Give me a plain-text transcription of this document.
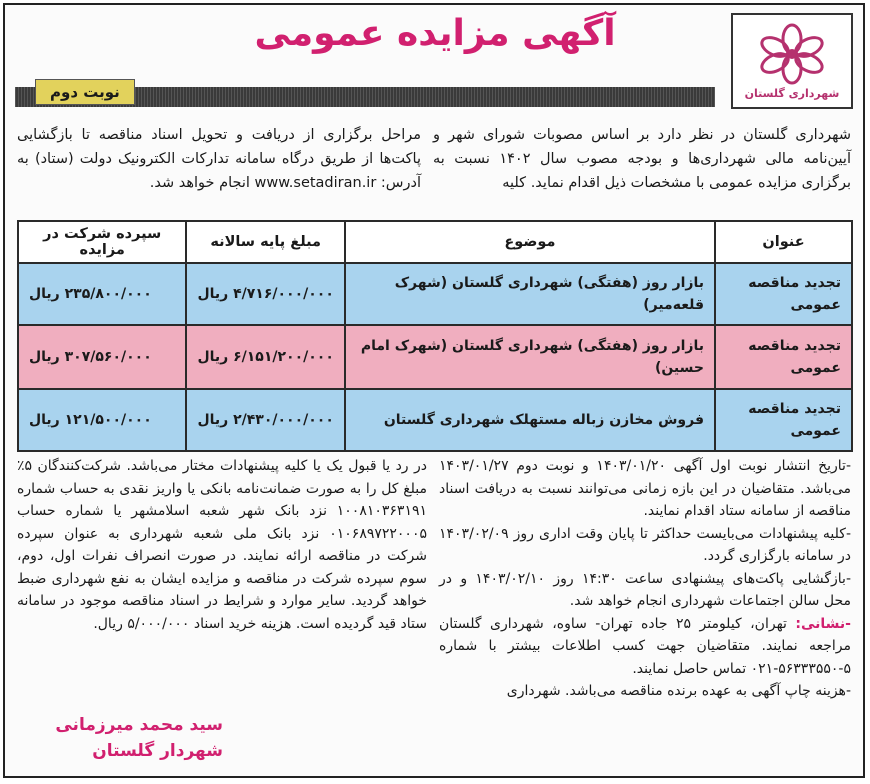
شهرداری گلستان
آگهی مزایده عمومی
نوبت دوم
شهرداری گلستان در نظر دارد بر اساس مصوبات شورای شهر و آیین‌نامه مالی شهرداری‌ها و بودجه مصوب سال ۱۴۰۲ نسبت به برگزاری مزایده عمومی با مشخصات ذیل اقدام نماید. کلیه
مراحل برگزاری از دریافت و تحویل اسناد مناقصه تا بازگشایی پاکت‌ها از طریق درگاه سامانه تدارکات الکترونیک دولت (ستاد) به آدرس: www.setadiran.ir انجام خواهد شد.
عنوان	موضوع	مبلغ پایه سالانه	سپرده شرکت در مزایده
تجدید مناقصه عمومی	بازار روز (هفتگی) شهرداری گلستان (شهرک قلعه‌میر)	۴/۷۱۶/۰۰۰/۰۰۰ ریال	۲۳۵/۸۰۰/۰۰۰ ریال
تجدید مناقصه عمومی	بازار روز (هفتگی) شهرداری گلستان (شهرک امام حسین)	۶/۱۵۱/۲۰۰/۰۰۰ ریال	۳۰۷/۵۶۰/۰۰۰ ریال
تجدید مناقصه عمومی	فروش مخازن زباله مستهلک شهرداری گلستان	۲/۴۳۰/۰۰۰/۰۰۰ ریال	۱۲۱/۵۰۰/۰۰۰ ریال

-تاریخ انتشار نوبت اول آگهی ۱۴۰۳/۰۱/۲۰ و نوبت دوم ۱۴۰۳/۰۱/۲۷ می‌باشد. متقاضیان در این بازه زمانی می‌توانند نسبت به دریافت اسناد مناقصه از سامانه ستاد اقدام نمایند.

-کلیه پیشنهادات می‌بایست حداکثر تا پایان وقت اداری روز ۱۴۰۳/۰۲/۰۹ در سامانه بارگزاری گردد.

-بازگشایی پاکت‌های پیشنهادی ساعت ۱۴:۳۰ روز ۱۴۰۳/۰۲/۱۰ و در محل سالن اجتماعات شهرداری انجام خواهد شد.

-نشانی: تهران، کیلومتر ۲۵ جاده تهران- ساوه، شهرداری گلستان مراجعه نمایند. متقاضیان جهت کسب اطلاعات بیشتر با شماره ۵-۵۶۳۳۳۵۵۰-۰۲۱ تماس حاصل نمایند.

-هزینه چاپ آگهی به عهده برنده مناقصه می‌باشد. شهرداری

در رد یا قبول یک یا کلیه پیشنهادات مختار می‌باشد. شرکت‌کنندگان ۵٪ مبلغ کل را به صورت ضمانت‌نامه بانکی یا واریز نقدی به حساب شماره ۱۰۰۸۱۰۳۶۳۱۹۱ نزد بانک شهر شعبه اسلامشهر یا شماره حساب ۰۱۰۶۸۹۷۲۲۰۰۰۵ نزد بانک ملی شعبه شهرداری به عنوان سپرده شرکت در مناقصه ارائه نمایند. در صورت انصراف نفرات اول، دوم، سوم سپرده شرکت در مناقصه و مزایده ایشان به نفع شهرداری ضبط خواهد گردید. سایر موارد و شرایط در اسناد مناقصه موجود در سامانه ستاد قید گردیده است. هزینه خرید اسناد ۵/۰۰۰/۰۰۰ ریال.
سید محمد میرزمانی
شهردار گلستان
